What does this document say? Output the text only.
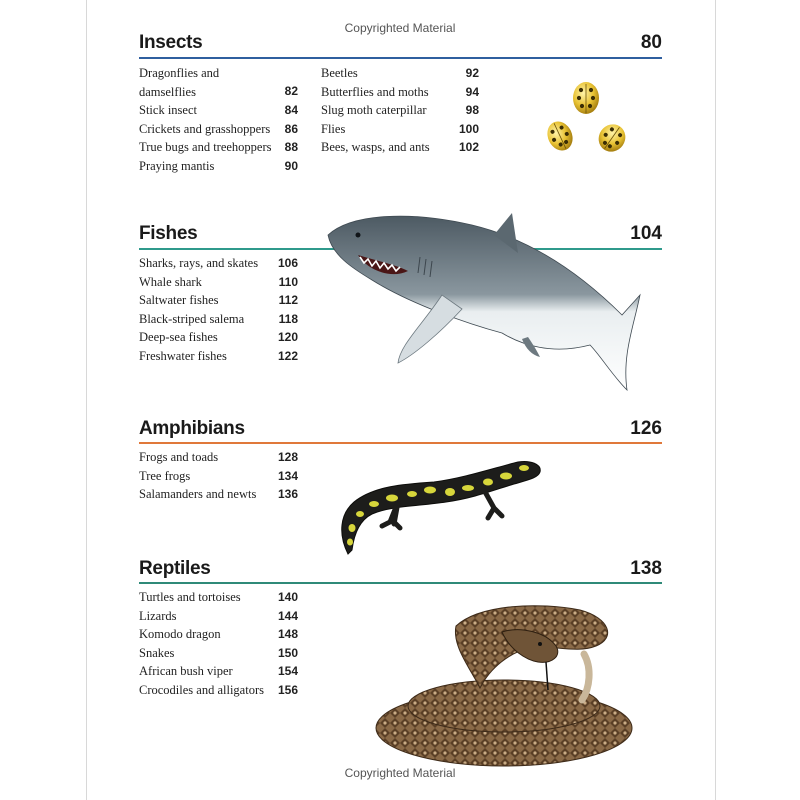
Copyrighted Material
Insects	80
Dragonflies and damselflies	82
Stick insect	84
Crickets and grasshoppers 86
True bugs and treehoppers 88
Praying mantis	90
Beetles	92
Butterflies and moths	94
Slug moth caterpillar	98
Flies	100
Bees, wasps, and ants 102
Fishes	104
Sharks, rays, and skates 106
Whale shark	110
Saltwater fishes	112
Black-striped salema	118
Deep-sea fishes	120
Freshwater fishes	122
Amphibians	126
Frogs and toads	128
Tree frogs	134
Salamanders and newts 136
Reptiles	138
Turtles and tortoises	140
Lizards	144
Komodo dragon	148
Snakes	150
African bush viper	154
Crocodiles and alligators 156
Copyrighted Material
